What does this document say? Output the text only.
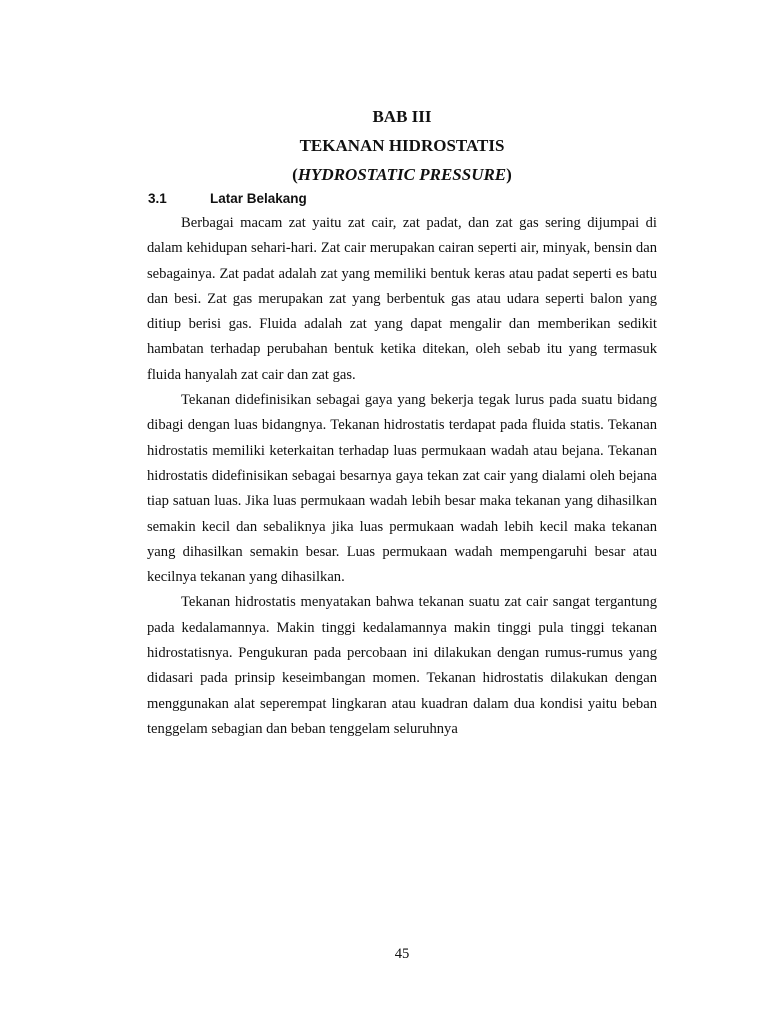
BAB III
TEKANAN HIDROSTATIS
(HYDROSTATIC PRESSURE)
3.1	Latar Belakang

Berbagai macam zat yaitu zat cair, zat padat, dan zat gas sering dijumpai di dalam kehidupan sehari-hari. Zat cair merupakan cairan seperti air, minyak, bensin dan sebagainya. Zat padat adalah zat yang memiliki bentuk keras atau padat seperti es batu dan besi. Zat gas merupakan zat yang berbentuk gas atau udara seperti balon yang ditiup berisi gas. Fluida adalah zat yang dapat mengalir dan memberikan sedikit hambatan terhadap perubahan bentuk ketika ditekan, oleh sebab itu yang termasuk fluida hanyalah zat cair dan zat gas.

Tekanan didefinisikan sebagai gaya yang bekerja tegak lurus pada suatu bidang dibagi dengan luas bidangnya. Tekanan hidrostatis terdapat pada fluida statis. Tekanan hidrostatis memiliki keterkaitan terhadap luas permukaan wadah atau bejana. Tekanan hidrostatis didefinisikan sebagai besarnya gaya tekan zat cair yang dialami oleh bejana tiap satuan luas. Jika luas permukaan wadah lebih besar maka tekanan yang dihasilkan semakin kecil dan sebaliknya jika luas permukaan wadah lebih kecil maka tekanan yang dihasilkan semakin besar. Luas permukaan wadah mempengaruhi besar atau kecilnya tekanan yang dihasilkan.

Tekanan hidrostatis menyatakan bahwa tekanan suatu zat cair sangat tergantung pada kedalamannya. Makin tinggi kedalamannya makin tinggi pula tinggi tekanan hidrostatisnya. Pengukuran pada percobaan ini dilakukan dengan rumus-rumus yang didasari pada prinsip keseimbangan momen. Tekanan hidrostatis dilakukan dengan menggunakan alat seperempat lingkaran atau kuadran dalam dua kondisi yaitu beban tenggelam sebagian dan beban tenggelam seluruhnya

45
